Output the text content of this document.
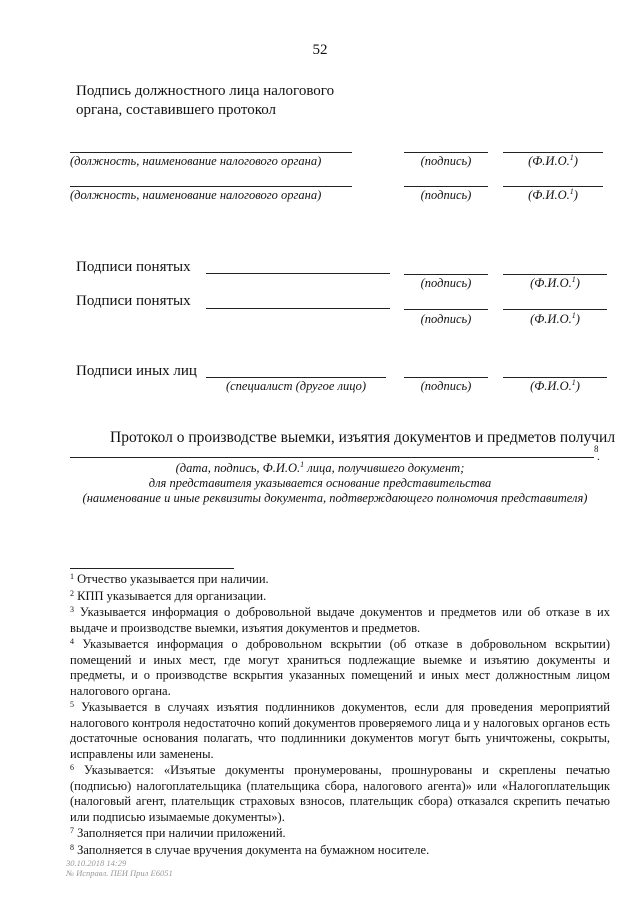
52
Подпись должностного лица налогового
органа, составившего протокол
(должность, наименование налогового органа)	(подпись)	(Ф.И.О.$^1$)
(должность, наименование налогового органа)	(подпись)	(Ф.И.О.$^1$)
Подписи понятых
(подпись)	(Ф.И.О.$^1$)
Подписи понятых
(подпись)	(Ф.И.О.$^1$)
Подписи иных лиц
(специалист (другое лицо)	(подпись)	(Ф.И.О.$^1$)
Протокол о производстве выемки, изъятия документов и предметов получил
8
.
(дата, подпись, Ф.И.О.$^1$ лица, получившего документ;
для представителя указывается основание представительства
(наименование и иные реквизиты документа, подтверждающего полномочия представителя)
$^1$ Отчество указывается при наличии.
$^2$ КПП указывается для организации.
$^3$ Указывается информация о добровольной выдаче документов и предметов или об отказе в их выдаче и производстве выемки, изъятия документов и предметов.
$^4$ Указывается информация о добровольном вскрытии (об отказе в добровольном вскрытии) помещений и иных мест, где могут храниться подлежащие выемке и изъятию документы и предметы, и о производстве вскрытия указанных помещений и иных мест должностным лицом налогового органа.
$^5$ Указывается в случаях изъятия подлинников документов, если для проведения мероприятий налогового контроля недостаточно копий документов проверяемого лица и у налоговых органов есть достаточные основания полагать, что подлинники документов могут быть уничтожены, сокрыты, исправлены или заменены.
$^6$ Указывается: «Изъятые документы пронумерованы, прошнурованы и скреплены печатью (подписью) налогоплательщика (плательщика сбора, налогового агента)» или «Налогоплательщик (налоговый агент, плательщик страховых взносов, плательщик сбора) отказался скрепить печатью или подписью изымаемые документы»).
$^7$ Заполняется при наличии приложений.
$^8$ Заполняется в случае вручения документа на бумажном носителе.
30.10.2018 14:29
№ Исправл. ПЕИ Прил Е6051
